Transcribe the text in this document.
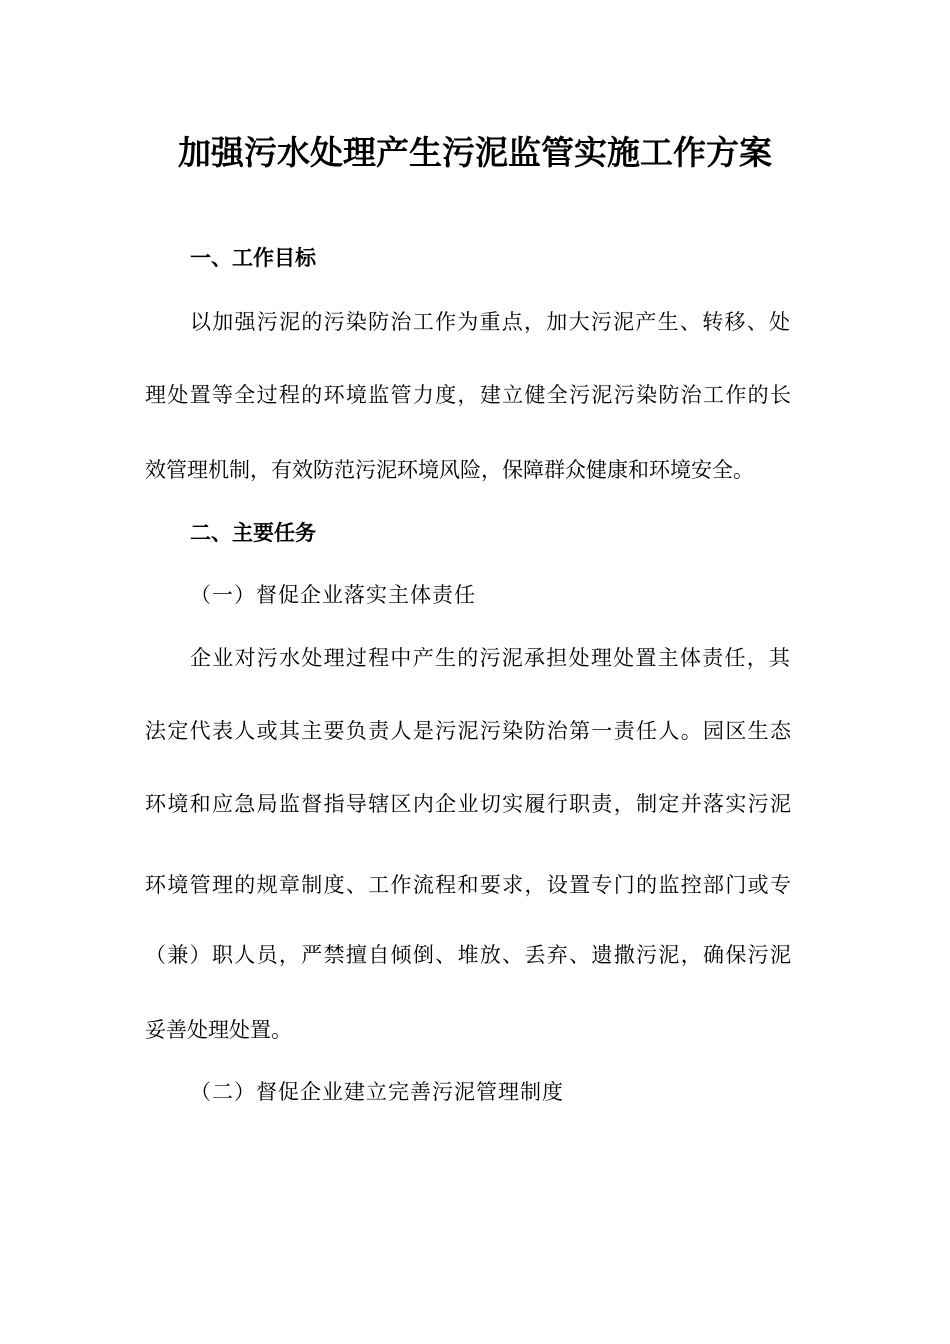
加强污水处理产生污泥监管实施工作方案

一、工作目标

以加强污泥的污染防治工作为重点，加大污泥产生、转移、处

理处置等全过程的环境监管力度，建立健全污泥污染防治工作的长

效管理机制，有效防范污泥环境风险，保障群众健康和环境安全。

二、主要任务

（一）督促企业落实主体责任

企业对污水处理过程中产生的污泥承担处理处置主体责任，其

法定代表人或其主要负责人是污泥污染防治第一责任人。园区生态

环境和应急局监督指导辖区内企业切实履行职责，制定并落实污泥

环境管理的规章制度、工作流程和要求，设置专门的监控部门或专

（兼）职人员，严禁擅自倾倒、堆放、丢弃、遗撒污泥，确保污泥

妥善处理处置。

（二）督促企业建立完善污泥管理制度
